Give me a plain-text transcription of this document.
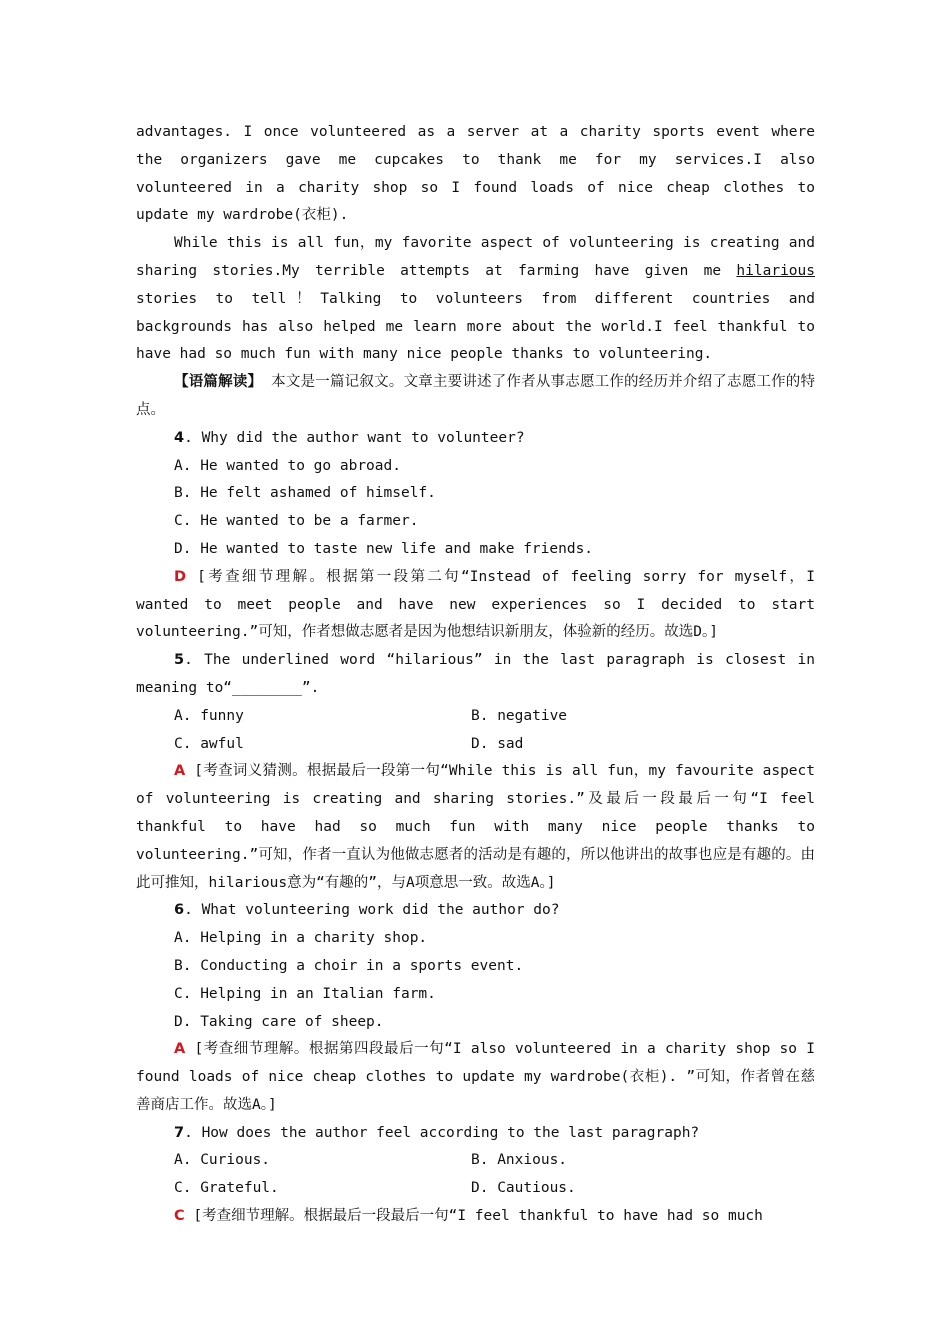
advantages. I once volunteered as a server at a charity sports event where the organizers gave me cupcakes to thank me for my services.I also volunteered in a charity shop so I found loads of nice cheap clothes to update my wardrobe(衣柜).

While this is all fun，my favorite aspect of volunteering is creating and sharing stories.My terrible attempts at farming have given me hilarious stories to tell！Talking to volunteers from different countries and backgrounds has also helped me learn more about the world.I feel thankful to have had so much fun with many nice people thanks to volunteering.

【语篇解读】 本文是一篇记叙文。文章主要讲述了作者从事志愿工作的经历并介绍了志愿工作的特点。

4. Why did the author want to volunteer?

A. He wanted to go abroad.

B. He felt ashamed of himself.

C. He wanted to be a farmer.

D. He wanted to taste new life and make friends.

D [考查细节理解。根据第一段第二句“Instead of feeling sorry for myself，I wanted to meet people and have new experiences so I decided to start volunteering.”可知，作者想做志愿者是因为他想结识新朋友，体验新的经历。故选D。]

5. The underlined word “hilarious” in the last paragraph is closest in meaning to“________”.

A. funny	B. negative
C. awful	D. sad

A [考查词义猜测。根据最后一段第一句“While this is all fun，my favourite aspect of volunteering is creating and sharing stories.”及最后一段最后一句“I feel thankful to have had so much fun with many nice people thanks to volunteering.”可知，作者一直认为他做志愿者的活动是有趣的，所以他讲出的故事也应是有趣的。由此可推知，hilarious意为“有趣的”，与A项意思一致。故选A。]

6. What volunteering work did the author do?

A. Helping in a charity shop.

B. Conducting a choir in a sports event.

C. Helping in an Italian farm.

D. Taking care of sheep.

A [考查细节理解。根据第四段最后一句“I also volunteered in a charity shop so I found loads of nice cheap clothes to update my wardrobe(衣柜). ”可知，作者曾在慈善商店工作。故选A。]

7. How does the author feel according to the last paragraph?

A. Curious.	B. Anxious.
C. Grateful.	D. Cautious.

C [考查细节理解。根据最后一段最后一句“I feel thankful to have had so much
